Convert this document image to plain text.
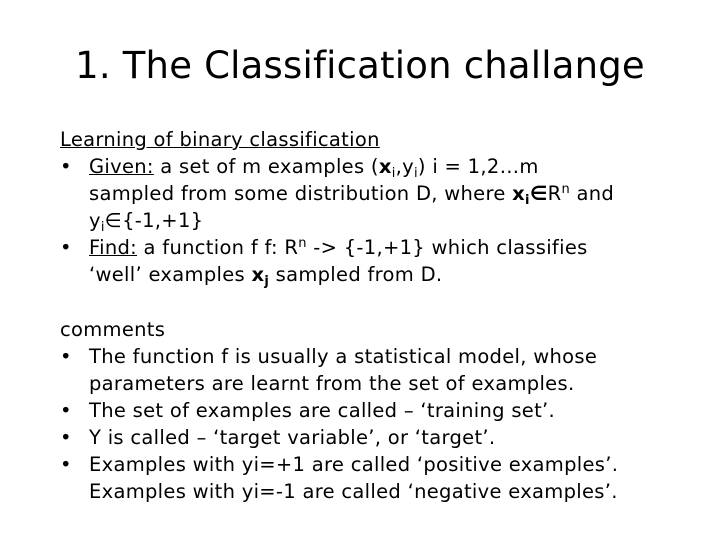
1. The Classification challange
Learning of binary classification
• Given: a set of m examples $(x_i,y_i) i$ = 1,2…m
sampled from some distribution D, where $x_i\in R^n$ and
$y_i\in\{-1,+1\}$
• Find: a function f f: $R^n -> \{-1,+1\}$ which classifies
‘well’ examples $x_j$ sampled from D.
comments
• The function f is usually a statistical model, whose
parameters are learnt from the set of examples.
• The set of examples are called – ‘training set’.
• Y is called – ‘target variable’, or ‘target’.
• Examples with yi=+1 are called ‘positive examples’.
Examples with yi=-1 are called ‘negative examples’.
